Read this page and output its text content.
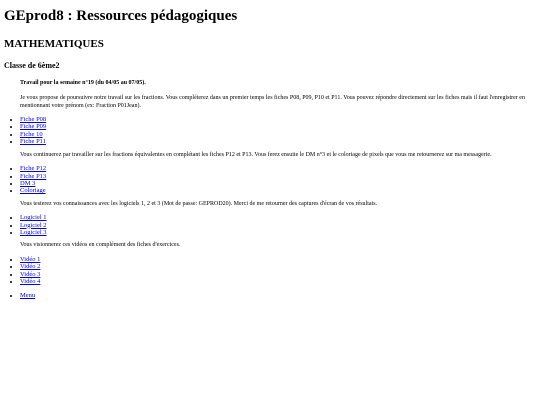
GEprod8 : Ressources pédagogiques
MATHEMATIQUES
Classe de 6ème2
Travail pour la semaine n°19 (du 04/05 au 07/05).

Je vous propose de poursuivre notre travail sur les fractions. Vous compléterez dans un premier temps les fiches P08, P09, P10 et P11. Vous pouvez répondre directement sur les fiches mais il faut l'enregistrer en mentionnant votre prénom (ex: Fraction P01Jean).

• Fiche P08
• Fiche P09
• Fiche 10
• Fiche P11

Vous continuerez par travailler sur les fractions équivalentes en complétant les fiches P12 et P13. Vous ferez ensuite le DM n°3 et le coloriage de pixels que vous me retournerez sur ma messagerie.

• Fiche P12
• Fiche P13
• DM 3
• Coloriage

Vous testerez vos connaissances avec les logiciels 1, 2 et 3 (Mot de passe: GEPROD20). Merci de me retourner des captures d'écran de vos résultats.

• Logiciel 1
• Logiciel 2
• Logiciel 3

Vous visionnerez ces vidéos en complément des fiches d'exercices.

• Vidéo 1
• Vidéo 2
• Vidéo 3
• Vidéo 4
• Menu
